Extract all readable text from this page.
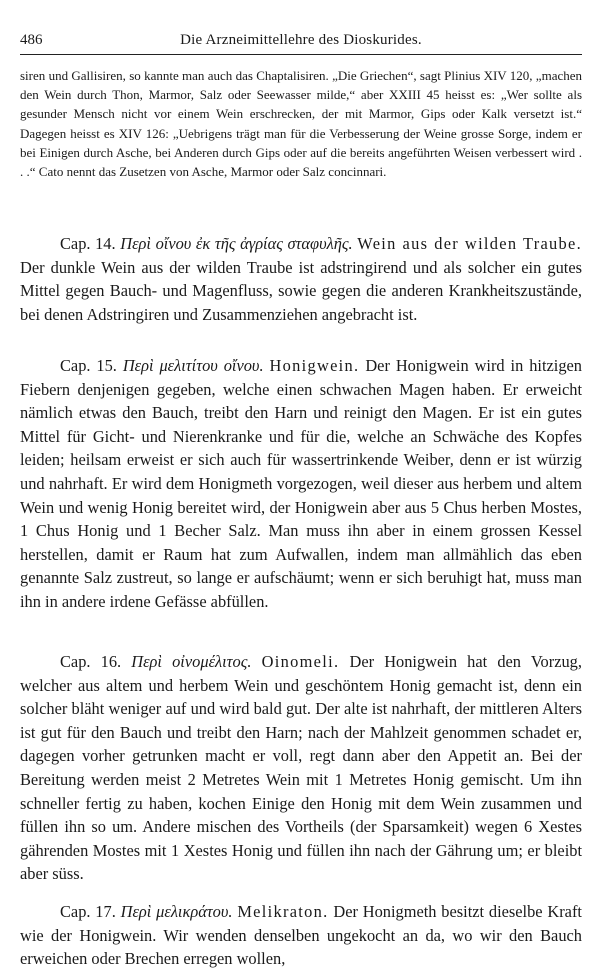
486	Die Arzneimittellehre des Dioskurides.

siren und Gallisiren, so kannte man auch das Chaptalisiren. „Die Griechen“, sagt Plinius XIV 120, „machen den Wein durch Thon, Marmor, Salz oder Seewasser milde,“ aber XXIII 45 heisst es: „Wer sollte als gesunder Mensch nicht vor einem Wein erschrecken, der mit Marmor, Gips oder Kalk versetzt ist.“ Dagegen heisst es XIV 126: „Uebrigens trägt man für die Verbesserung der Weine grosse Sorge, indem er bei Einigen durch Asche, bei Anderen durch Gips oder auf die bereits angeführten Weisen verbessert wird . . .“ Cato nennt das Zusetzen von Asche, Marmor oder Salz concinnari.

Cap. 14. Περὶ οἴνου ἐκ τῆς ἀγρίας σταφυλῆς. Wein aus der wilden Traube. Der dunkle Wein aus der wilden Traube ist adstringirend und als solcher ein gutes Mittel gegen Bauch- und Magenfluss, sowie gegen die anderen Krankheitszustände, bei denen Adstringiren und Zusammenziehen angebracht ist.

Cap. 15. Περὶ μελιτίτου οἴνου. Honigwein. Der Honigwein wird in hitzigen Fiebern denjenigen gegeben, welche einen schwachen Magen haben. Er erweicht nämlich etwas den Bauch, treibt den Harn und reinigt den Magen. Er ist ein gutes Mittel für Gicht- und Nierenkranke und für die, welche an Schwäche des Kopfes leiden; heilsam erweist er sich auch für wassertrinkende Weiber, denn er ist würzig und nahrhaft. Er wird dem Honigmeth vorgezogen, weil dieser aus herbem und altem Wein und wenig Honig bereitet wird, der Honigwein aber aus 5 Chus herben Mostes, 1 Chus Honig und 1 Becher Salz. Man muss ihn aber in einem grossen Kessel herstellen, damit er Raum hat zum Aufwallen, indem man allmählich das eben genannte Salz zustreut, so lange er aufschäumt; wenn er sich beruhigt hat, muss man ihn in andere irdene Gefässe abfüllen.

Cap. 16. Περὶ οἰνομέλιτος. Oinomeli. Der Honigwein hat den Vorzug, welcher aus altem und herbem Wein und geschöntem Honig gemacht ist, denn ein solcher bläht weniger auf und wird bald gut. Der alte ist nahrhaft, der mittleren Alters ist gut für den Bauch und treibt den Harn; nach der Mahlzeit genommen schadet er, dagegen vorher getrunken macht er voll, regt dann aber den Appetit an. Bei der Bereitung werden meist 2 Metretes Wein mit 1 Metretes Honig gemischt. Um ihn schneller fertig zu haben, kochen Einige den Honig mit dem Wein zusammen und füllen ihn so um. Andere mischen des Vortheils (der Sparsamkeit) wegen 6 Xestes gährenden Mostes mit 1 Xestes Honig und füllen ihn nach der Gährung um; er bleibt aber süss.

Cap. 17. Περὶ μελικράτου. Melikraton. Der Honigmeth besitzt dieselbe Kraft wie der Honigwein. Wir wenden denselben ungekocht an da, wo wir den Bauch erweichen oder Brechen erregen wollen,
